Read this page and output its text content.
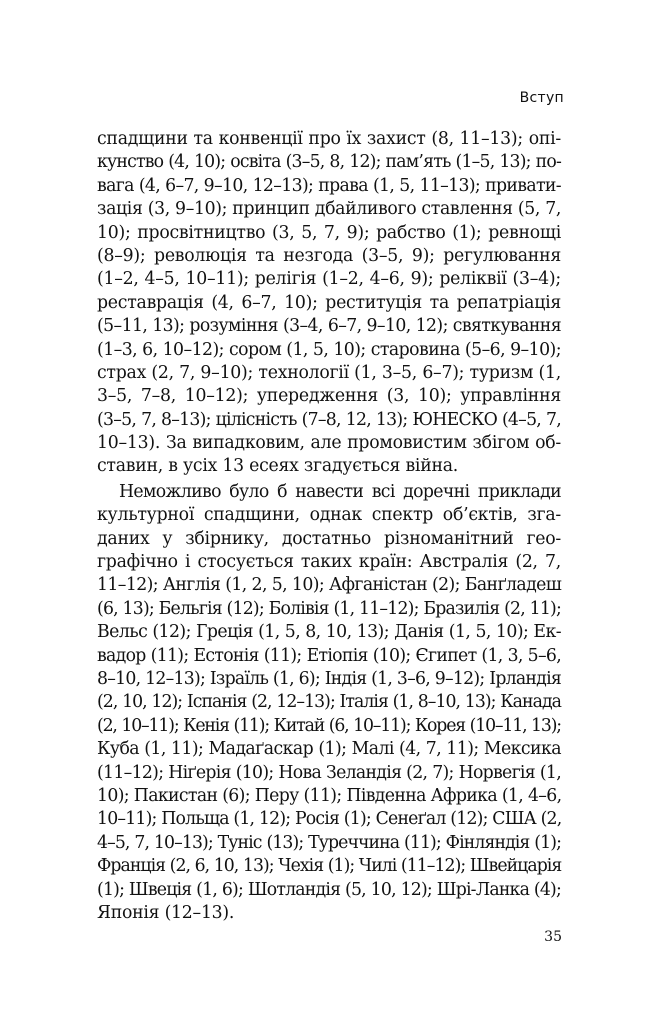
Вступ
спадщини та конвенції про їх захист (8, 11–13); опі-
кунство (4, 10); освіта (3–5, 8, 12); пам’ять (1–5, 13); по-
вага (4, 6–7, 9–10, 12–13); права (1, 5, 11–13); привати-
зація (3, 9–10); принцип дбайливого ставлення (5, 7,
10); просвітництво (3, 5, 7, 9); рабство (1); ревнощі
(8–9); революція та незгода (3–5, 9); регулювання
(1–2, 4–5, 10–11); релігія (1–2, 4–6, 9); реліквії (3–4);
реставрація (4, 6–7, 10); реституція та репатріація
(5–11, 13); розуміння (3–4, 6–7, 9–10, 12); святкування
(1–3, 6, 10–12); сором (1, 5, 10); старовина (5–6, 9–10);
страх (2, 7, 9–10); технології (1, 3–5, 6–7); туризм (1,
3–5, 7–8, 10–12); упередження (3, 10); управління
(3–5, 7, 8–13); цілісність (7–8, 12, 13); ЮНЕСКО (4–5, 7,
10–13). За випадковим, але промовистим збігом об-
ставин, в усіх 13 есеях згадується війна.
Неможливо було б навести всі доречні приклади
культурної спадщини, однак спектр об’єктів, зга-
даних у збірнику, достатньо різноманітний гео-
графічно і стосується таких країн: Австралія (2, 7,
11–12); Англія (1, 2, 5, 10); Афганістан (2); Банґладеш
(6, 13); Бельгія (12); Болівія (1, 11–12); Бразилія (2, 11);
Вельс (12); Греція (1, 5, 8, 10, 13); Данія (1, 5, 10); Ек-
вадор (11); Естонія (11); Етіопія (10); Єгипет (1, 3, 5–6,
8–10, 12–13); Ізраїль (1, 6); Індія (1, 3–6, 9–12); Ірландія
(2, 10, 12); Іспанія (2, 12–13); Італія (1, 8–10, 13); Канада
(2, 10–11); Кенія (11); Китай (6, 10–11); Корея (10–11, 13);
Куба (1, 11); Мадаґаскар (1); Малі (4, 7, 11); Мексика
(11–12); Ніґерія (10); Нова Зеландія (2, 7); Норвегія (1,
10); Пакистан (6); Перу (11); Південна Африка (1, 4–6,
10–11); Польща (1, 12); Росія (1); Сенеґал (12); США (2,
4–5, 7, 10–13); Туніс (13); Туреччина (11); Фінляндія (1);
Франція (2, 6, 10, 13); Чехія (1); Чилі (11–12); Швейцарія
(1); Швеція (1, 6); Шотландія (5, 10, 12); Шрі-Ланка (4);
Японія (12–13).
35
